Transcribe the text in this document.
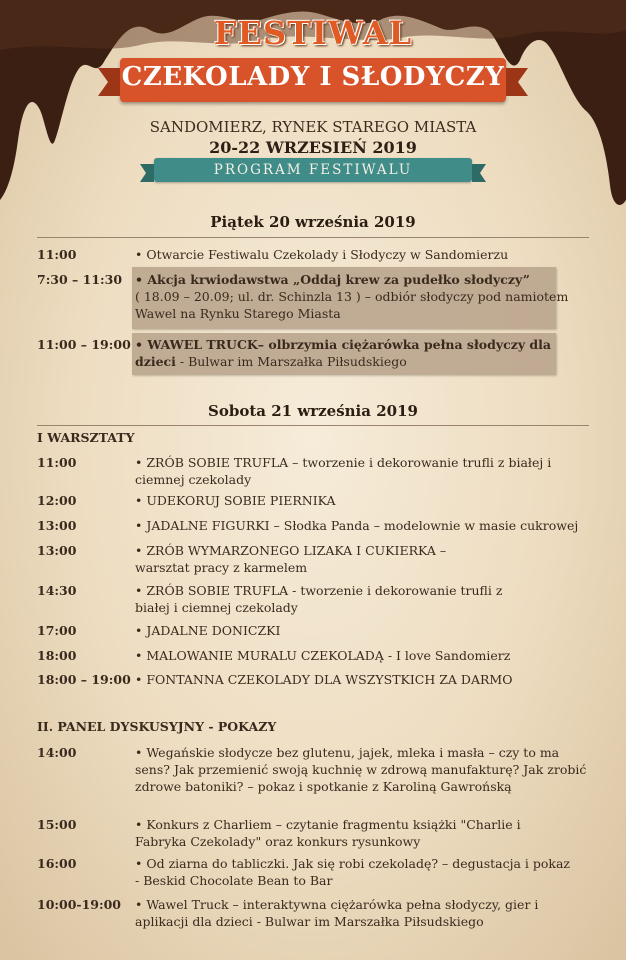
FESTIWAL
CZEKOLADY I SŁODYCZY
SANDOMIERZ, RYNEK STAREGO MIASTA
20-22 WRZESIEŃ 2019
PROGRAM FESTIWALU
Piątek 20 września 2019
11:00	• Otwarcie Festiwalu Czekolady i Słodyczy w Sandomierzu
7:30 – 11:30	• Akcja krwiodawstwa „Oddaj krew za pudełko słodyczy”
( 18.09 – 20.09; ul. dr. Schinzla 13 ) – odbiór słodyczy pod namiotem Wawel na Rynku Starego Miasta
11:00 – 19:00 • WAWEL TRUCK– olbrzymia ciężarówka pełna słodyczy dla dzieci - Bulwar im Marszałka Piłsudskiego
Sobota 21 września 2019
I WARSZTATY
11:00	• ZRÓB SOBIE TRUFLA – tworzenie i dekorowanie trufli z białej i ciemnej czekolady
12:00	• UDEKORUJ SOBIE PIERNIKA
13:00	• JADALNE FIGURKI – Słodka Panda – modelownie w masie cukrowej
13:00	• ZRÓB WYMARZONEGO LIZAKA I CUKIERKA – warsztat pracy z karmelem
14:30	• ZRÓB SOBIE TRUFLA - tworzenie i dekorowanie trufli z białej i ciemnej czekolady
17:00	• JADALNE DONICZKI
18:00	• MALOWANIE MURALU CZEKOLADĄ - I love Sandomierz
18:00 – 19:00 • FONTANNA CZEKOLADY DLA WSZYSTKICH ZA DARMO
II. PANEL DYSKUSYJNY - POKAZY
14:00	• Wegańskie słodycze bez glutenu, jajek, mleka i masła – czy to ma sens? Jak przemienić swoją kuchnię w zdrową manufakturę? Jak zrobić zdrowe batoniki? – pokaz i spotkanie z Karoliną Gawrońską
15:00	• Konkurs z Charliem – czytanie fragmentu książki "Charlie i Fabryka Czekolady" oraz konkurs rysunkowy
16:00	• Od ziarna do tabliczki. Jak się robi czekoladę? – degustacja i pokaz - Beskid Chocolate Bean to Bar
10:00-19:00	• Wawel Truck – interaktywna ciężarówka pełna słodyczy, gier i aplikacji dla dzieci - Bulwar im Marszałka Piłsudskiego
